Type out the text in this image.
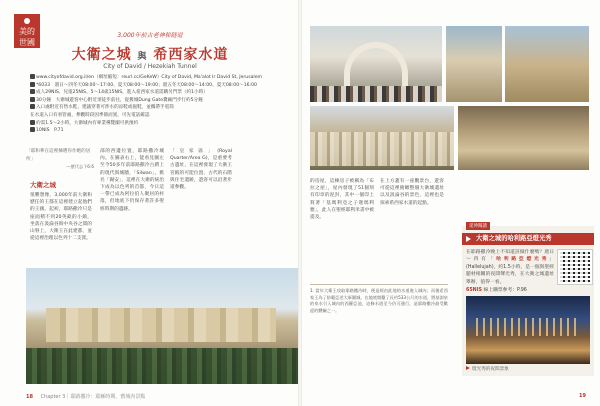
美的
世國
3,000年前古老神秘隧道
大衛之城 與 希西家水道
City of David / Hezekiah Tunnel
www.cityofdavid.org.il/en（網址縮短：reurl.cc/GeKeW）City of David, Ma'alot Ir David St, Jerusalem
*6033　週日～四冬天08:00～17:00、夏天08:00～19:00；週五冬天08:00～14:00、夏天08:00～16:00
成人29NIS、兒童25NIS、5～14歲15NIS，進入希西家水道需購另門票（約1小時）
30分鐘　大衛城遊客中心附近須徒步前往，從舊城Dung Gate糞廠門步行約5分鐘
入口處附近有售水鞋，建議穿著可涉水的涼鞋或拖鞋，並攜帶手電筒
在水道入口有看管處，參觀時段因季節而異，可先電話確認
約需1.5～2小時，大衛城內有專業導覽團可供預約
10NIS　P.71
「耶和華在這裡揀選你作她的居所」
—歷代志下6:6
大衛之城
很難想像，3,000年前大衛和歷任的王都在這裡建立起他們的王國。起初，耶路撒冷只是座面積不到20英畝的小鎮，坐落在汲淪谷與中央谷之間的山脊上，大衛王在此建都，並從這裡治理以色列十二支派。
部的西邊位置，耶路撒冷城內。在圖表右上，能看見圖左至今50多年前耶路撒冷古蹟上的現代與城牆，「Silwan」，舊名「錫安」，這裡在大衛的統治下成為以色列的首都，今日這一帶已成為阿拉伯人聚居的村落，但地底下仍保存著許多聖經時期的遺跡。
「皇家區」(Royal Quarter/Area G)，是重要考古遺址，在這裡發現了大衛王宮殿的可能位置、古代的石階與住宅遺跡，遊客可以沿著步道參觀。
18 Chapter 3｜耶路撒冷：耶穌時期、舊城內景點
的房屋，這棟房子被稱為「布拉之屋」，屋內發現了51個刻有印章的泥封，其中一個印上寫著「基瑪利亞之子迦瑪利雅」，此人在聖經耶利米書中被提及。
在上方蓋有一座觀景台，遊客可從這裡俯瞰整個大衛城遺址以及汲淪谷的景色，這裡也是探索希西家水道的起點。
1. 當年大衛王攻取耶路撒冷時，便是經由此地的水道進入城內；而後希西家王為了防範亞述大軍圍城，在地底開鑿了長約533公尺的水道，將基訓泉的泉水引入城內的西羅亞池，這條水道至今仍可通行，是耶路撒冷最受歡迎的體驗之一。
延伸閱讀
大衛之城的哈利路亞燈光秀
在耶路撒冷晚上不知道該做什麼嗎？週日～四有「哈利路亞燈光秀」(Hallelujah)，約1.5小時，是一個與聖經題材相關的夜間聲光秀，在大衛之城遺址舉辦，值得一看。
65NIS 線上購票參考：P.96
燈光秀的夜間景象
19
